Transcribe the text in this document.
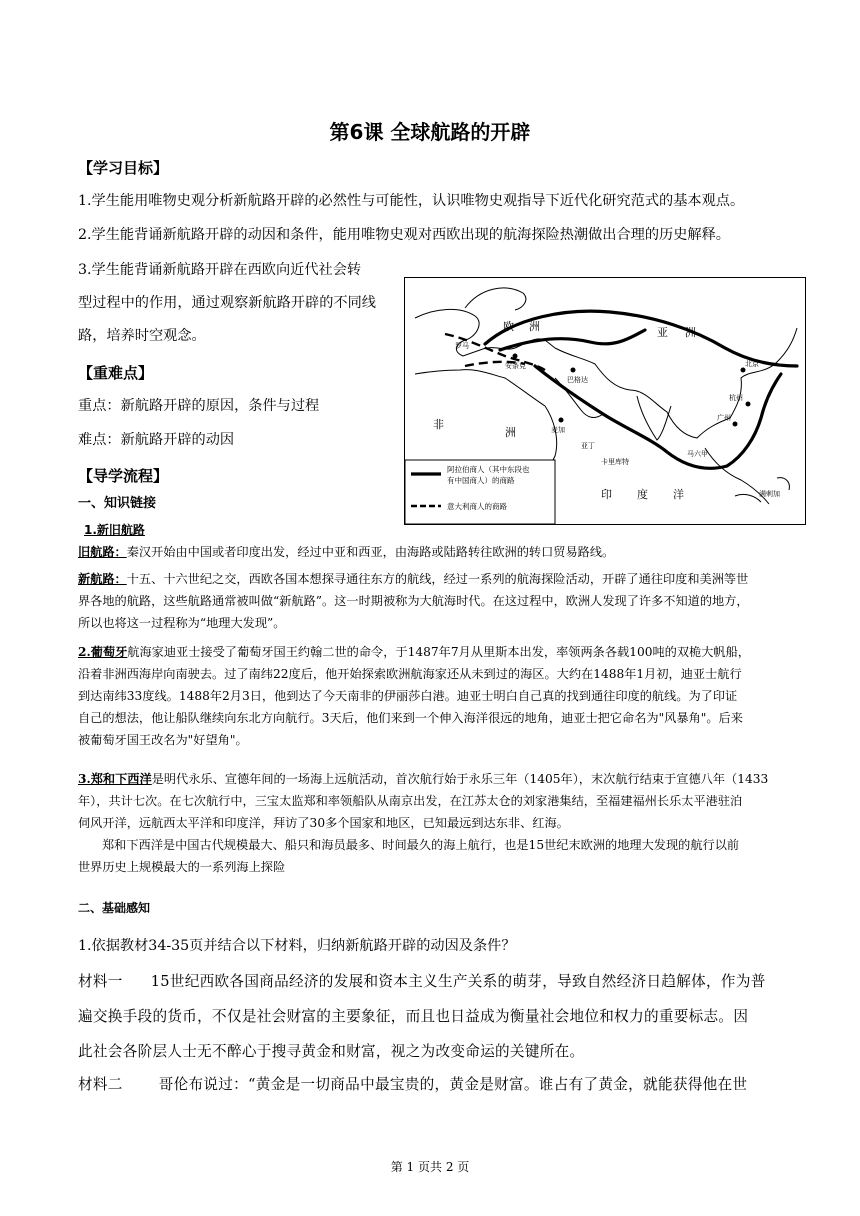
第6课 全球航路的开辟
【学习目标】
1.学生能用唯物史观分析新航路开辟的必然性与可能性，认识唯物史观指导下近代化研究范式的基本观点。
2.学生能背诵新航路开辟的动因和条件，能用唯物史观对西欧出现的航海探险热潮做出合理的历史解释。
3.学生能背诵新航路开辟在西欧向近代社会转
型过程中的作用，通过观察新航路开辟的不同线
路，培养时空观念。
【重难点】
重点：新航路开辟的原因，条件与过程
难点：新航路开辟的动因
【导学流程】
一、知识链接
1.新旧航路
旧航路：秦汉开始由中国或者印度出发，经过中亚和西亚，由海路或陆路转往欧洲的转口贸易路线。
新航路：十五、十六世纪之交，西欧各国本想探寻通往东方的航线，经过一系列的航海探险活动，开辟了通往印度和美洲等世
界各地的航路，这些航路通常被叫做“新航路”。这一时期被称为大航海时代。在这过程中，欧洲人发现了许多不知道的地方，
所以也将这一过程称为“地理大发现”。
2.葡萄牙航海家迪亚士接受了葡萄牙国王约翰二世的命令，于1487年7月从里斯本出发，率领两条各载100吨的双桅大帆船，
沿着非洲西海岸向南驶去。过了南纬22度后，他开始探索欧洲航海家还从未到过的海区。大约在1488年1月初，迪亚士航行
到达南纬33度线。1488年2月3日，他到达了今天南非的伊丽莎白港。迪亚士明白自己真的找到通往印度的航线。为了印证
自己的想法，他让船队继续向东北方向航行。3天后，他们来到一个伸入海洋很远的地角，迪亚士把它命名为"风暴角"。后来
被葡萄牙国王改名为"好望角"。
3.郑和下西洋是明代永乐、宣德年间的一场海上远航活动，首次航行始于永乐三年（1405年），末次航行结束于宣德八年（1433
年），共计七次。在七次航行中，三宝太监郑和率领船队从南京出发，在江苏太仓的刘家港集结，至福建福州长乐太平港驻泊
伺风开洋，远航西太平洋和印度洋，拜访了30多个国家和地区，已知最远到达东非、红海。
郑和下西洋是中国古代规模最大、船只和海员最多、时间最久的海上航行，也是15世纪末欧洲的地理大发现的航行以前
世界历史上规模最大的一系列海上探险
二、基础感知
1.依据教材34-35页并结合以下材料，归纳新航路开辟的动因及条件？
材料一 15世纪西欧各国商品经济的发展和资本主义生产关系的萌芽，导致自然经济日趋解体，作为普
遍交换手段的货币，不仅是社会财富的主要象征，而且也日益成为衡量社会地位和权力的重要标志。因
此社会各阶层人士无不醉心于搜寻黄金和财富，视之为改变命运的关键所在。
材料二 哥伦布说过：“黄金是一切商品中最宝贵的，黄金是财富。谁占有了黄金，就能获得他在世
欧 洲	亚 洲
非
洲
印 度 洋
罗马
安条克
巴格达
北京
杭州
广州
麦加
亚丁
卡里库特
马六甲
满剌加
阿拉伯商人（其中东段也
有中国商人）的商路
意大利商人的商路
第 1 页共 2 页
